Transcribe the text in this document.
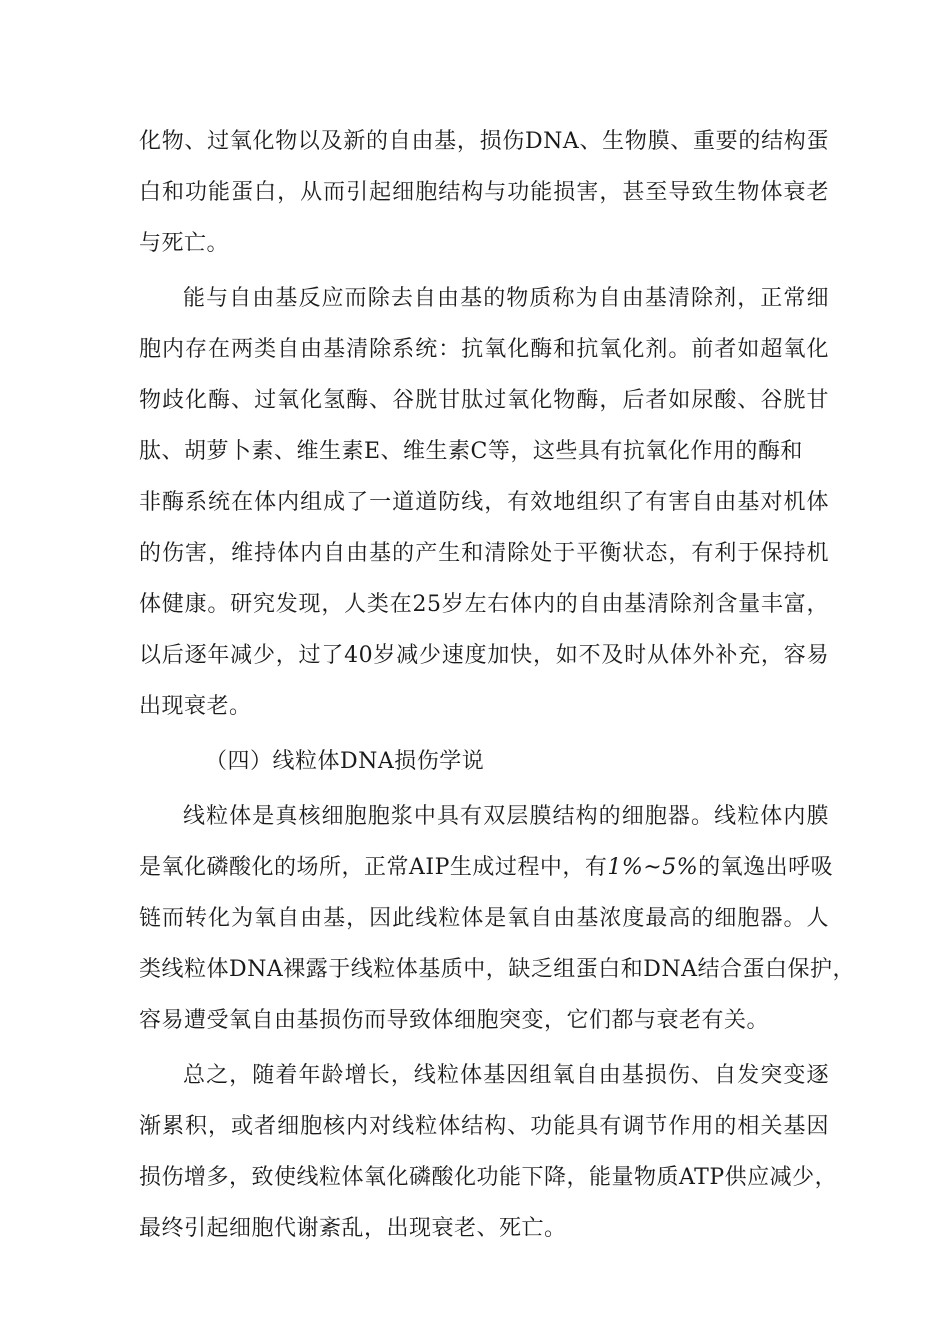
化物、过氧化物以及新的自由基，损伤DNA、生物膜、重要的结构蛋
白和功能蛋白，从而引起细胞结构与功能损害，甚至导致生物体衰老
与死亡。
能与自由基反应而除去自由基的物质称为自由基清除剂，正常细
胞内存在两类自由基清除系统：抗氧化酶和抗氧化剂。前者如超氧化
物歧化酶、过氧化氢酶、谷胱甘肽过氧化物酶，后者如尿酸、谷胱甘
肽、胡萝卜素、维生素E、维生素C等，这些具有抗氧化作用的酶和
非酶系统在体内组成了一道道防线，有效地组织了有害自由基对机体
的伤害，维持体内自由基的产生和清除处于平衡状态，有利于保持机
体健康。研究发现，人类在25岁左右体内的自由基清除剂含量丰富，
以后逐年减少，过了40岁减少速度加快，如不及时从体外补充，容易
出现衰老。
（四）线粒体DNA损伤学说
线粒体是真核细胞胞浆中具有双层膜结构的细胞器。线粒体内膜
是氧化磷酸化的场所，正常AIP生成过程中，有1%~5%的氧逸出呼吸
链而转化为氧自由基，因此线粒体是氧自由基浓度最高的细胞器。人
类线粒体DNA裸露于线粒体基质中，缺乏组蛋白和DNA结合蛋白保护，
容易遭受氧自由基损伤而导致体细胞突变，它们都与衰老有关。
总之，随着年龄增长，线粒体基因组氧自由基损伤、自发突变逐
渐累积，或者细胞核内对线粒体结构、功能具有调节作用的相关基因
损伤增多，致使线粒体氧化磷酸化功能下降，能量物质ATP供应减少，
最终引起细胞代谢紊乱，出现衰老、死亡。
